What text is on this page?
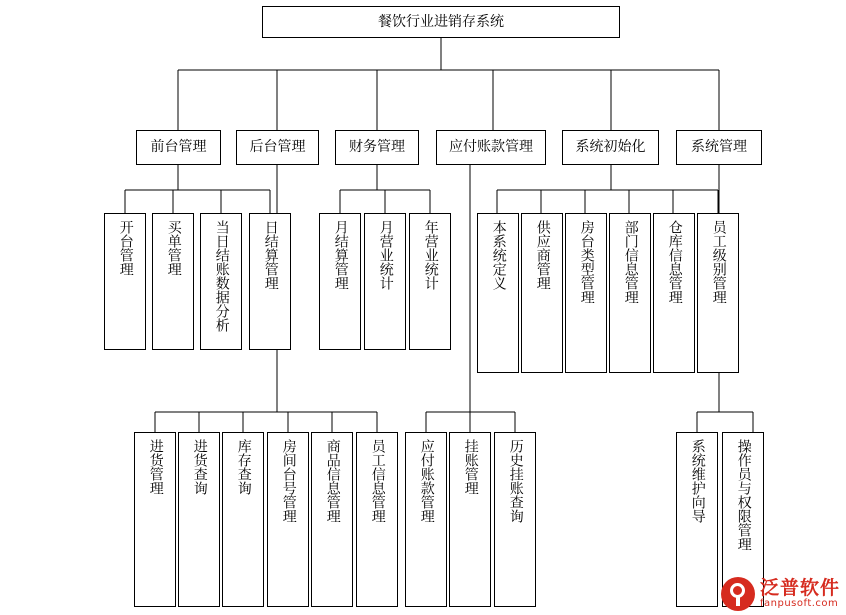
餐饮行业进销存系统
前台管理	后台管理	财务管理	应付账款管理	系统初始化	系统管理
开台管理 买单管理 当日结账数据分析 日结算管理	月结算管理 月营业统计 年营业统计	本系统定义 供应商管理 房台类型管理 部门信息管理 仓库信息管理 员工级别管理
进货管理 进货查询 库存查询 房间台号管理 商品信息管理 员工信息管理 应付账款管理 挂账管理 历史挂账查询	系统维护向导 操作员与权限管理
泛普软件
fanpusoft.com
